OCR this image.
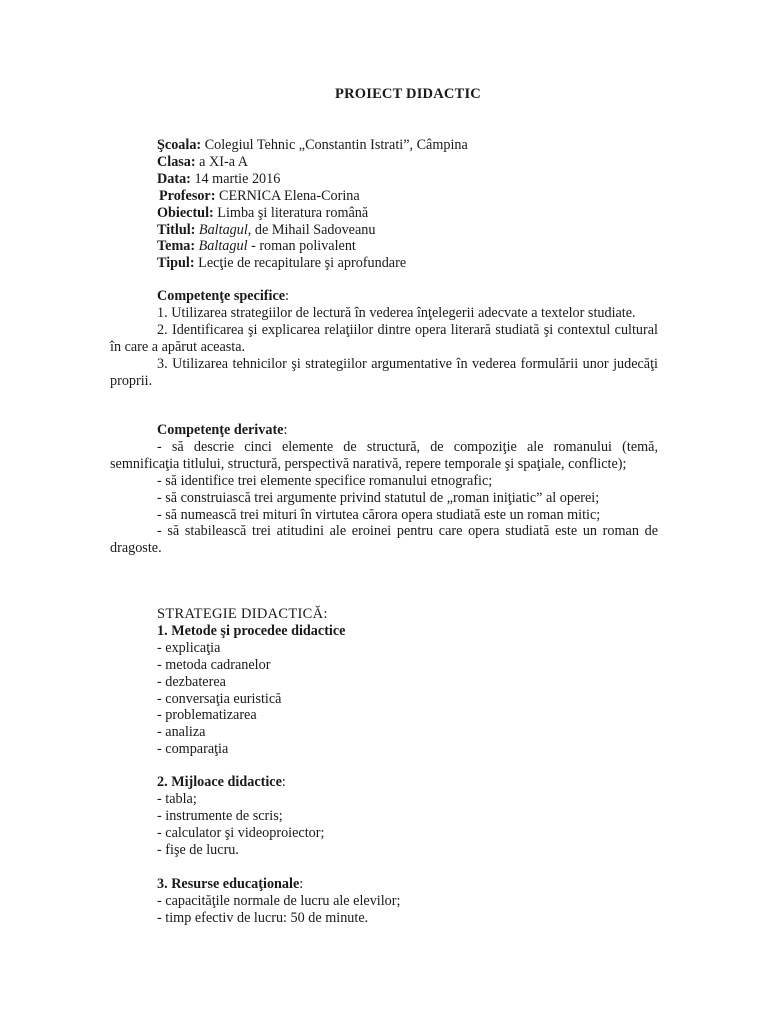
PROIECT DIDACTIC
Şcoala: Colegiul Tehnic „Constantin Istrati”, Câmpina
Clasa: a XI-a A
Data: 14 martie 2016
Profesor: CERNICA Elena-Corina
Obiectul: Limba şi literatura română
Titlul: Baltagul, de Mihail Sadoveanu
Tema: Baltagul - roman polivalent
Tipul: Lecţie de recapitulare şi aprofundare
Competenţe specifice:

1. Utilizarea strategiilor de lectură în vederea înţelegerii adecvate a textelor studiate.

2. Identificarea şi explicarea relaţiilor dintre opera literară studiată şi contextul cultural în care a apărut aceasta.

3. Utilizarea tehnicilor şi strategiilor argumentative în vederea formulării unor judecăţi proprii.

Competenţe derivate:

- să descrie cinci elemente de structură, de compoziţie ale romanului (temă, semnificaţia titlului, structură, perspectivă narativă, repere temporale şi spaţiale, conflicte);

- să identifice trei elemente specifice romanului etnografic;
- să construiască trei argumente privind statutul de „roman iniţiatic” al operei;
- să numească trei mituri în virtutea cărora opera studiată este un roman mitic;

- să stabilească trei atitudini ale eroinei pentru care opera studiată este un roman de dragoste.

STRATEGIE DIDACTICĂ:
1. Metode şi procedee didactice
- explicaţia
- metoda cadranelor
- dezbaterea
- conversaţia euristică
- problematizarea
- analiza
- comparaţia
2. Mijloace didactice:
- tabla;
- instrumente de scris;
- calculator şi videoproiector;
- fişe de lucru.
3. Resurse educaţionale:
- capacităţile normale de lucru ale elevilor;
- timp efectiv de lucru: 50 de minute.
